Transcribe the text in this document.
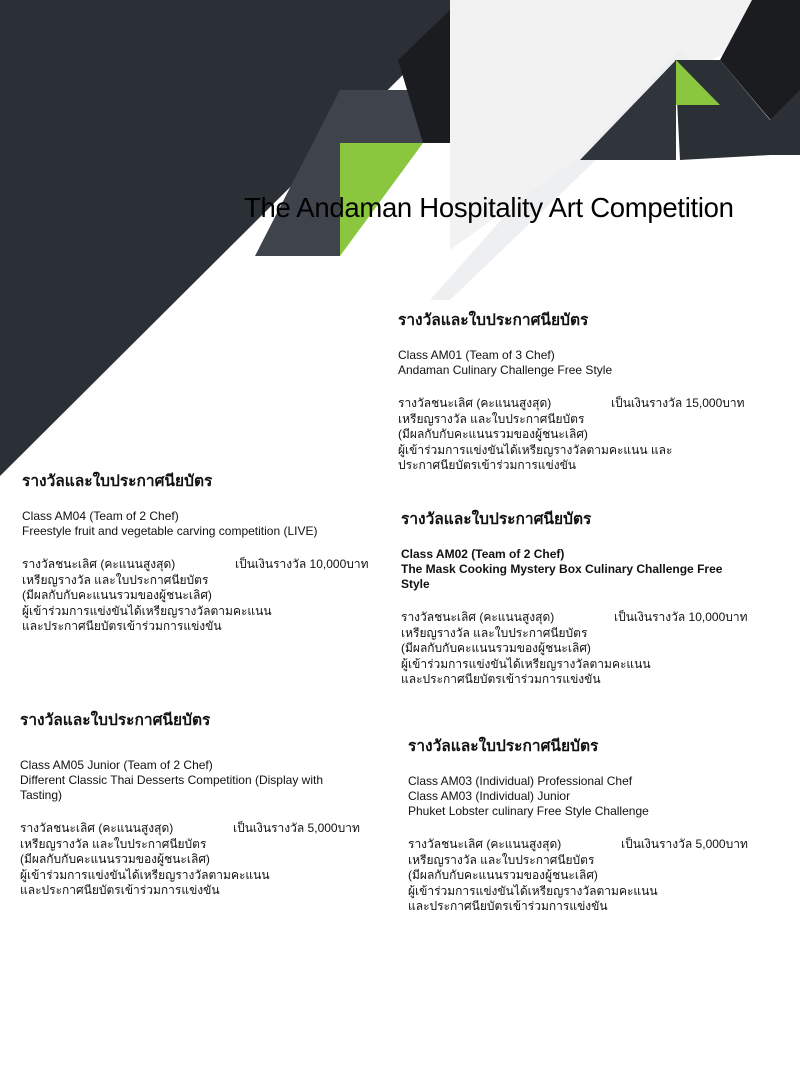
The Andaman Hospitality Art Competition
รางวัลและใบประกาศนียบัตร
Class AM01 (Team of 3 Chef)
Andaman Culinary Challenge Free Style
รางวัลชนะเลิศ (คะแนนสูงสุด)	เป็นเงินรางวัล 15,000บาท
เหรียญรางวัล และใบประกาศนียบัตร
(มีผลกับกับคะแนนรวมของผู้ชนะเลิศ)
ผู้เข้าร่วมการแข่งขันได้เหรียญรางวัลตามคะแนน และ
ประกาศนียบัตรเข้าร่วมการแข่งขัน
รางวัลและใบประกาศนียบัตร
Class AM04 (Team of 2 Chef)
Freestyle fruit and vegetable carving competition (LIVE)
รางวัลชนะเลิศ (คะแนนสูงสุด)	เป็นเงินรางวัล 10,000บาท
เหรียญรางวัล และใบประกาศนียบัตร
(มีผลกับกับคะแนนรวมของผู้ชนะเลิศ)
ผู้เข้าร่วมการแข่งขันได้เหรียญรางวัลตามคะแนน
และประกาศนียบัตรเข้าร่วมการแข่งขัน
รางวัลและใบประกาศนียบัตร
Class AM02 (Team of 2 Chef)
The Mask Cooking Mystery Box Culinary Challenge Free
Style
รางวัลชนะเลิศ (คะแนนสูงสุด)	เป็นเงินรางวัล 10,000บาท
เหรียญรางวัล และใบประกาศนียบัตร
(มีผลกับกับคะแนนรวมของผู้ชนะเลิศ)
ผู้เข้าร่วมการแข่งขันได้เหรียญรางวัลตามคะแนน
และประกาศนียบัตรเข้าร่วมการแข่งขัน
รางวัลและใบประกาศนียบัตร
Class AM05 Junior (Team of 2 Chef)
Different Classic Thai Desserts Competition (Display with
Tasting)
รางวัลชนะเลิศ (คะแนนสูงสุด)	เป็นเงินรางวัล 5,000บาท
เหรียญรางวัล และใบประกาศนียบัตร
(มีผลกับกับคะแนนรวมของผู้ชนะเลิศ)
ผู้เข้าร่วมการแข่งขันได้เหรียญรางวัลตามคะแนน
และประกาศนียบัตรเข้าร่วมการแข่งขัน
รางวัลและใบประกาศนียบัตร
Class AM03 (Individual) Professional Chef
Class AM03 (Individual) Junior
Phuket Lobster culinary Free Style Challenge
รางวัลชนะเลิศ (คะแนนสูงสุด)	เป็นเงินรางวัล 5,000บาท
เหรียญรางวัล และใบประกาศนียบัตร
(มีผลกับกับคะแนนรวมของผู้ชนะเลิศ)
ผู้เข้าร่วมการแข่งขันได้เหรียญรางวัลตามคะแนน
และประกาศนียบัตรเข้าร่วมการแข่งขัน
